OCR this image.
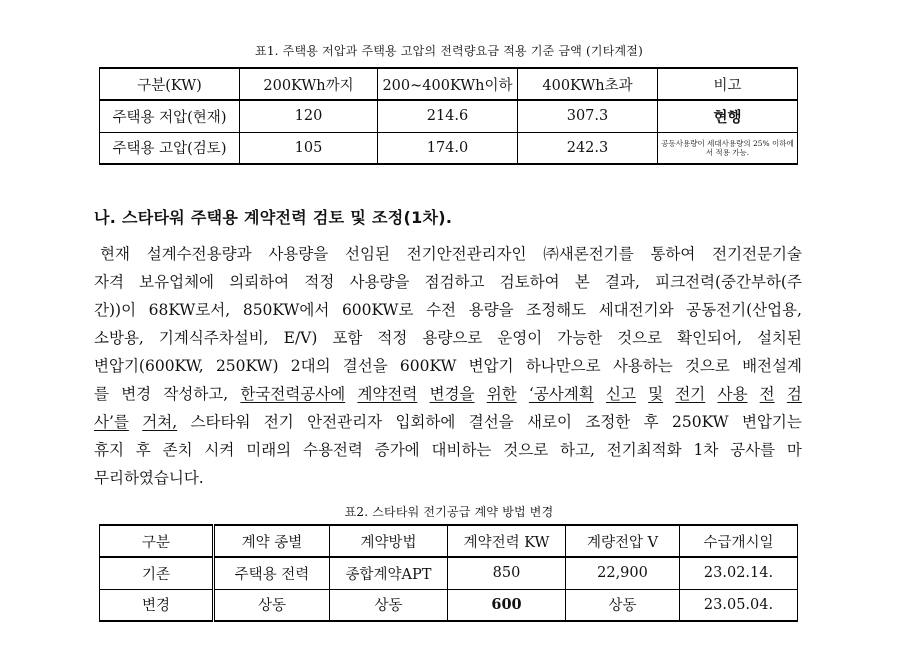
표1. 주택용 저압과 주택용 고압의 전력량요금 적용 기준 금액 (기타계절)
구분(KW)	200KWh까지	200~400KWh이하	400KWh초과	비고
주택용 저압(현재)	120	214.6	307.3	현행
주택용 고압(검토)	105	174.0	242.3	공동사용량이 세대사용량의 25% 이하에서 적용 가능.
나. 스타타워 주택용 계약전력 검토 및 조정(1차).
현재 설계수전용량과 사용량을 선임된 전기안전관리자인 ㈜새론전기를 통하여 전기전문기술
자격 보유업체에 의뢰하여 적정 사용량을 점검하고 검토하여 본 결과, 피크전력(중간부하(주
간))이 68KW로서, 850KW에서 600KW로 수전 용량을 조정해도 세대전기와 공동전기(산업용,
소방용, 기계식주차설비, E/V) 포함 적정 용량으로 운영이 가능한 것으로 확인되어, 설치된
변압기(600KW, 250KW) 2대의 결선을 600KW 변압기 하나만으로 사용하는 것으로 배전설계
를 변경 작성하고, 한국전력공사에 계약전력 변경을 위한 ‘공사계획 신고 및 전기 사용 전 검
사’를 거쳐, 스타타워 전기 안전관리자 입회하에 결선을 새로이 조정한 후 250KW 변압기는
휴지 후 존치 시켜 미래의 수용전력 증가에 대비하는 것으로 하고, 전기최적화 1차 공사를 마
무리하였습니다.
표2. 스타타워 전기공급 계약 방법 변경
구분	계약 종별	계약방법	계약전력 KW	계량전압 V	수급개시일
기존	주택용 전력	종합계약APT	850	22,900	23.02.14.
변경	상동	상동	600	상동	23.05.04.
